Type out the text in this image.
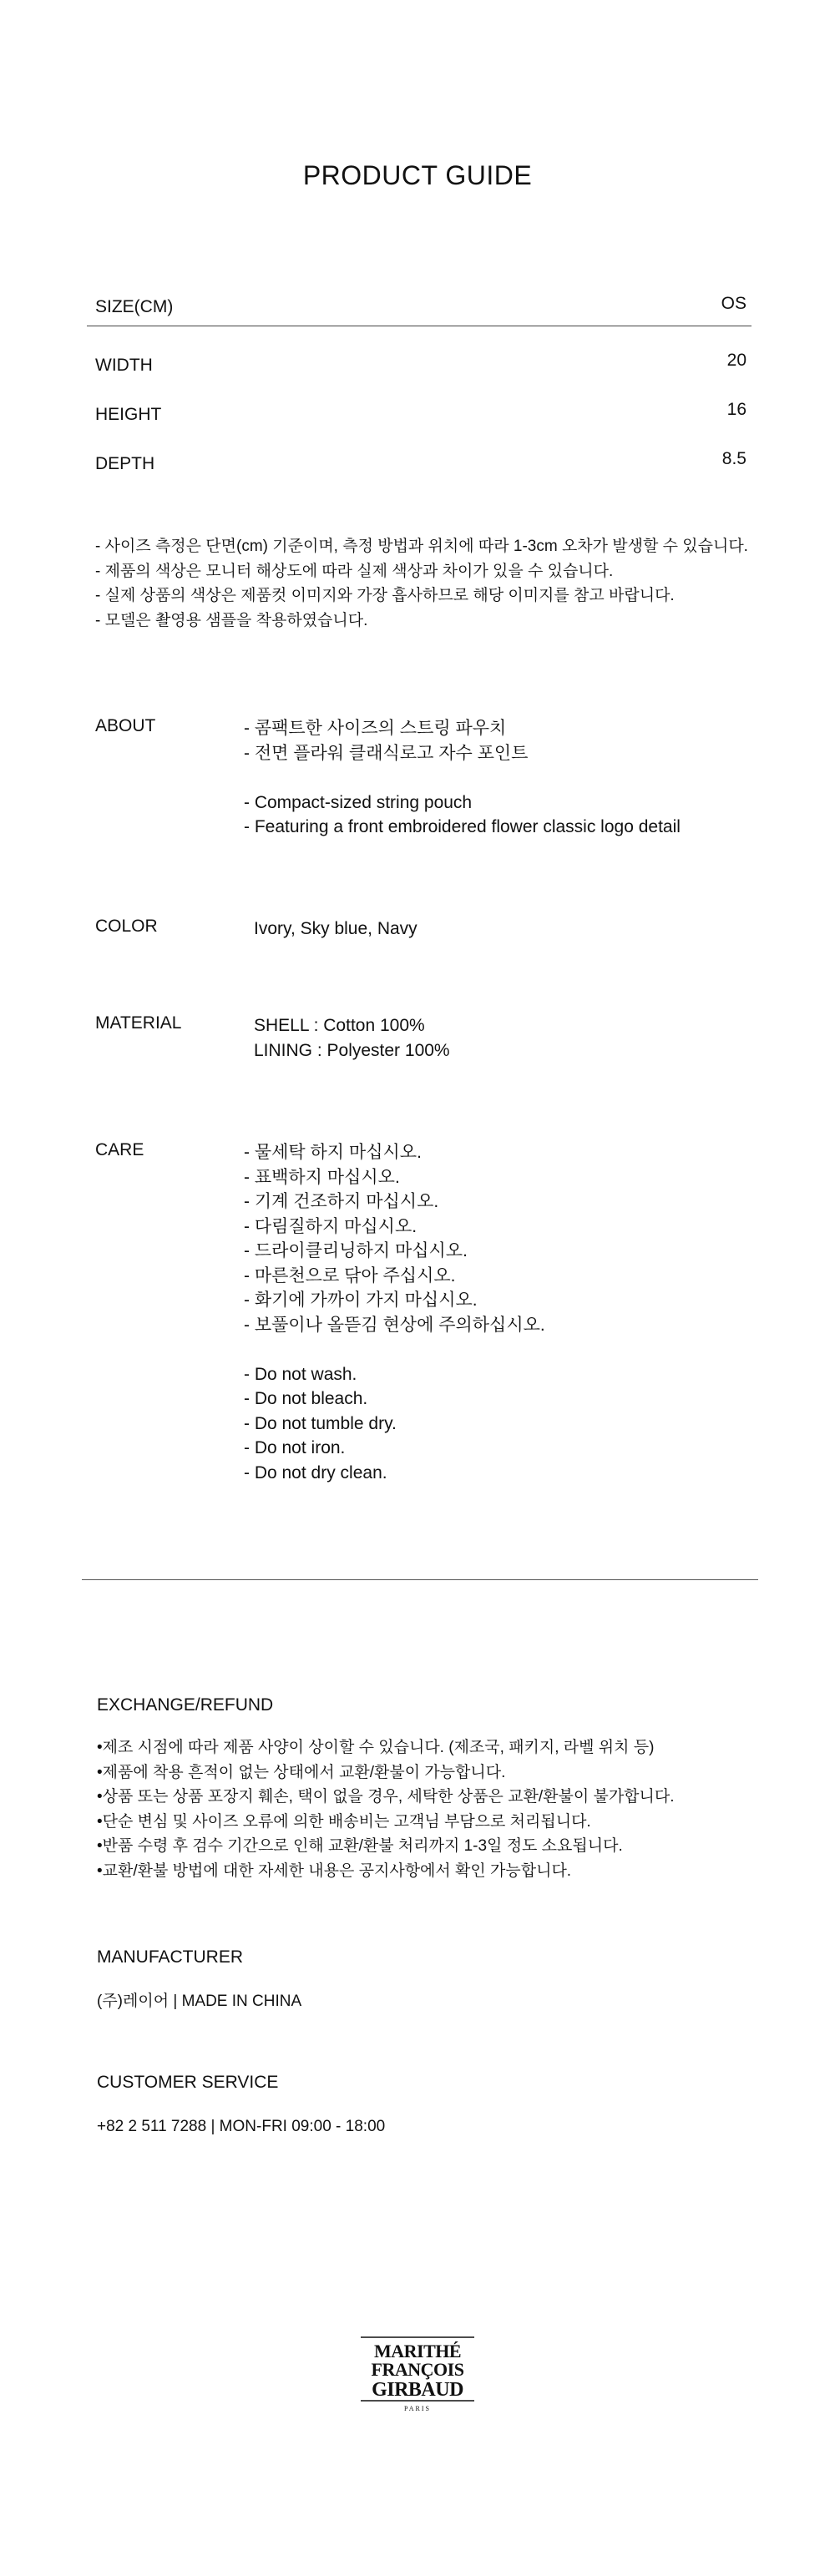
PRODUCT GUIDE
SIZE(CM)	OS
WIDTH	20
HEIGHT	16
DEPTH	8.5
- 사이즈 측정은 단면(cm) 기준이며, 측정 방법과 위치에 따라 1-3cm 오차가 발생할 수 있습니다.
- 제품의 색상은 모니터 해상도에 따라 실제 색상과 차이가 있을 수 있습니다.
- 실제 상품의 색상은 제품컷 이미지와 가장 흡사하므로 해당 이미지를 참고 바랍니다.
- 모델은 촬영용 샘플을 착용하였습니다.
ABOUT	- 콤팩트한 사이즈의 스트링 파우치
- 전면 플라워 클래식로고 자수 포인트
- Compact-sized string pouch
- Featuring a front embroidered flower classic logo detail
COLOR	Ivory, Sky blue, Navy
MATERIAL	SHELL : Cotton 100%
LINING : Polyester 100%
CARE	- 물세탁 하지 마십시오.
- 표백하지 마십시오.
- 기계 건조하지 마십시오.
- 다림질하지 마십시오.
- 드라이클리닝하지 마십시오.
- 마른천으로 닦아 주십시오.
- 화기에 가까이 가지 마십시오.
- 보풀이나 올뜯김 현상에 주의하십시오.
- Do not wash.
- Do not bleach.
- Do not tumble dry.
- Do not iron.
- Do not dry clean.
EXCHANGE/REFUND
•제조 시점에 따라 제품 사양이 상이할 수 있습니다. (제조국, 패키지, 라벨 위치 등)
•제품에 착용 흔적이 없는 상태에서 교환/환불이 가능합니다.
•상품 또는 상품 포장지 훼손, 택이 없을 경우, 세탁한 상품은 교환/환불이 불가합니다.
•단순 변심 및 사이즈 오류에 의한 배송비는 고객님 부담으로 처리됩니다.
•반품 수령 후 검수 기간으로 인해 교환/환불 처리까지 1-3일 정도 소요됩니다.
•교환/환불 방법에 대한 자세한 내용은 공지사항에서 확인 가능합니다.
MANUFACTURER
(주)레이어 | MADE IN CHINA
CUSTOMER SERVICE
+82 2 511 7288 | MON-FRI 09:00 - 18:00
MARITHÉ
FRANÇOIS
GIRBAUD
PARIS
